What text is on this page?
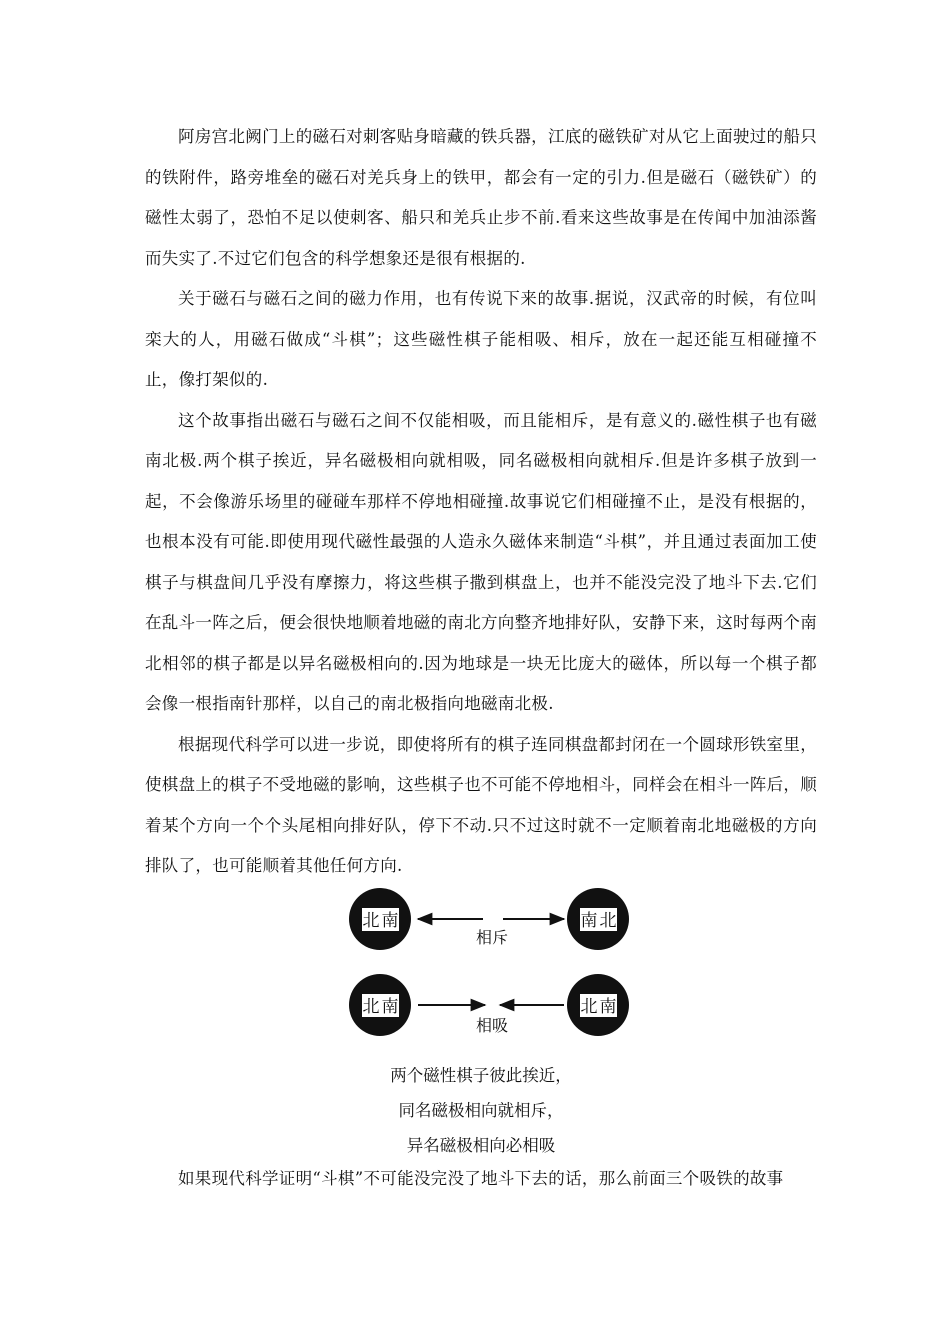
阿房宫北阙门上的磁石对刺客贴身暗藏的铁兵器，江底的磁铁矿对从它上面驶过的船只的铁附件，路旁堆垒的磁石对羌兵身上的铁甲，都会有一定的引力.但是磁石（磁铁矿）的磁性太弱了，恐怕不足以使刺客、船只和羌兵止步不前.看来这些故事是在传闻中加油添酱而失实了.不过它们包含的科学想象还是很有根据的.

关于磁石与磁石之间的磁力作用，也有传说下来的故事.据说，汉武帝的时候，有位叫栾大的人，用磁石做成“斗棋”；这些磁性棋子能相吸、相斥，放在一起还能互相碰撞不止，像打架似的.

这个故事指出磁石与磁石之间不仅能相吸，而且能相斥，是有意义的.磁性棋子也有磁南北极.两个棋子挨近，异名磁极相向就相吸，同名磁极相向就相斥.但是许多棋子放到一起，不会像游乐场里的碰碰车那样不停地相碰撞.故事说它们相碰撞不止，是没有根据的，也根本没有可能.即使用现代磁性最强的人造永久磁体来制造“斗棋”，并且通过表面加工使棋子与棋盘间几乎没有摩擦力，将这些棋子撒到棋盘上，也并不能没完没了地斗下去.它们在乱斗一阵之后，便会很快地顺着地磁的南北方向整齐地排好队，安静下来，这时每两个南北相邻的棋子都是以异名磁极相向的.因为地球是一块无比庞大的磁体，所以每一个棋子都会像一根指南针那样，以自己的南北极指向地磁南北极.

根据现代科学可以进一步说，即使将所有的棋子连同棋盘都封闭在一个圆球形铁室里，使棋盘上的棋子不受地磁的影响，这些棋子也不可能不停地相斗，同样会在相斗一阵后，顺着某个方向一个个头尾相向排好队，停下不动.只不过这时就不一定顺着南北地磁极的方向排队了，也可能顺着其他任何方向.

北 南	南 北
相斥
北 南	北 南
相吸
两个磁性棋子彼此挨近，
同名磁极相向就相斥，
异名磁极相向必相吸

如果现代科学证明“斗棋”不可能没完没了地斗下去的话，那么前面三个吸铁的故事
